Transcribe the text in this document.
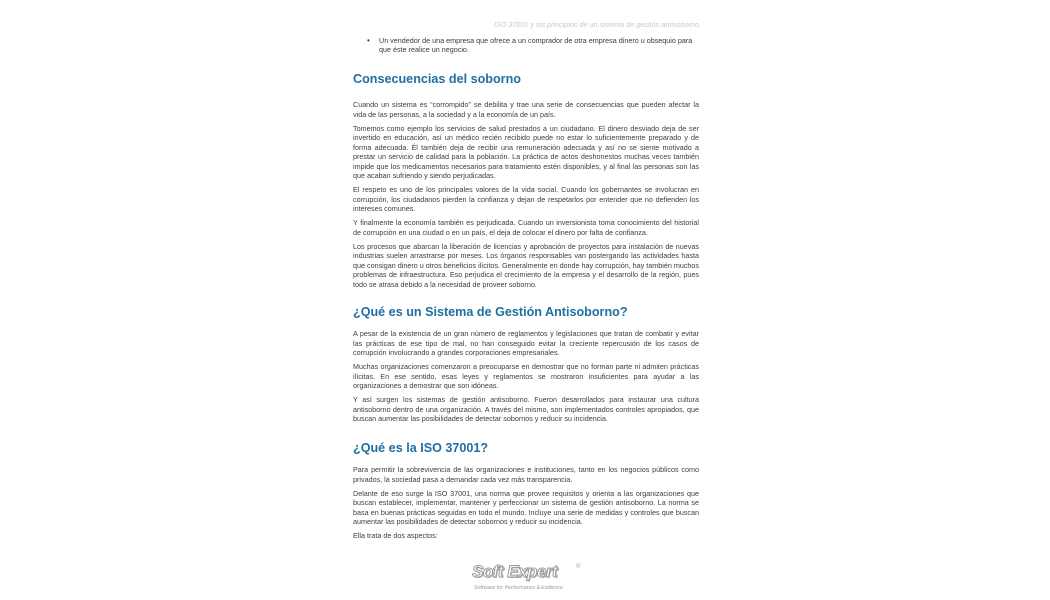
ISO 37001 y los principios de un sistema de gestión antisoborno
•	Un vendedor de una empresa que ofrece a un comprador de otra empresa dinero u obsequio para que éste realice un negocio.
Consecuencias del soborno

Cuando un sistema es “corrompido” se debilita y trae una serie de consecuencias que pueden afectar la vida de las personas, a la sociedad y a la economía de un país.

Tomemos como ejemplo los servicios de salud prestados a un ciudadano. El dinero desviado deja de ser invertido en educación, así un médico recién recibido puede no estar lo suficientemente preparado y de forma adecuada. Él también deja de recibir una remuneración adecuada y así no se siente motivado a prestar un servicio de calidad para la población. La práctica de actos deshonestos muchas veces también impide que los medicamentos necesarios para tratamiento estén disponibles, y al final las personas son las que acaban sufriendo y siendo perjudicadas.

El respeto es uno de los principales valores de la vida social. Cuando los gobernantes se involucran en corrupción, los ciudadanos pierden la confianza y dejan de respetarlos por entender que no defienden los intereses comunes.

Y finalmente la economía también es perjudicada. Cuando un inversionista toma conocimiento del historial de corrupción en una ciudad o en un país, el deja de colocar el dinero por falta de confianza.

Los procesos que abarcan la liberación de licencias y aprobación de proyectos para instalación de nuevas industrias suelen arrastrarse por meses. Los órganos responsables van postergando las actividades hasta que consigan dinero u otros beneficios ilícitos. Generalmente en donde hay corrupción, hay también muchos problemas de infraestructura. Eso perjudica el crecimiento de la empresa y el desarrollo de la región, pues todo se atrasa debido a la necesidad de proveer soborno.

¿Qué es un Sistema de Gestión Antisoborno?

A pesar de la existencia de un gran número de reglamentos y legislaciones que tratan de combatir y evitar las prácticas de ese tipo de mal, no han conseguido evitar la creciente repercusión de los casos de corrupción involucrando a grandes corporaciones empresariales.

Muchas organizaciones comenzaron a preocuparse en demostrar que no forman parte ni admiten prácticas ilícitas. En ese sentido, esas leyes y reglamentos se mostraron insuficientes para ayudar a las organizaciones a demostrar que son idóneas.

Y así surgen los sistemas de gestión antisoborno. Fueron desarrollados para instaurar una cultura antisoborno dentro de una organización. A través del mismo, son implementados controles apropiados, que buscan aumentar las posibilidades de detectar sobornos y reducir su incidencia.

¿Qué es la ISO 37001?

Para permitir la sobrevivencia de las organizaciones e instituciones, tanto en los negocios públicos como privados, la sociedad pasa a demandar cada vez más transparencia.

Delante de eso surge la ISO 37001, una norma que provee requisitos y orienta a las organizaciones que buscan establecer, implementar, mantener y perfeccionar un sistema de gestión antisoborno. La norma se basa en buenas prácticas seguidas en todo el mundo. Incluye una serie de medidas y controles que buscan aumentar las posibilidades de detectar sobornos y reducir su incidencia.

Ella trata de dos aspectos:

Soft Expert	®
Software for Performance Excellence
